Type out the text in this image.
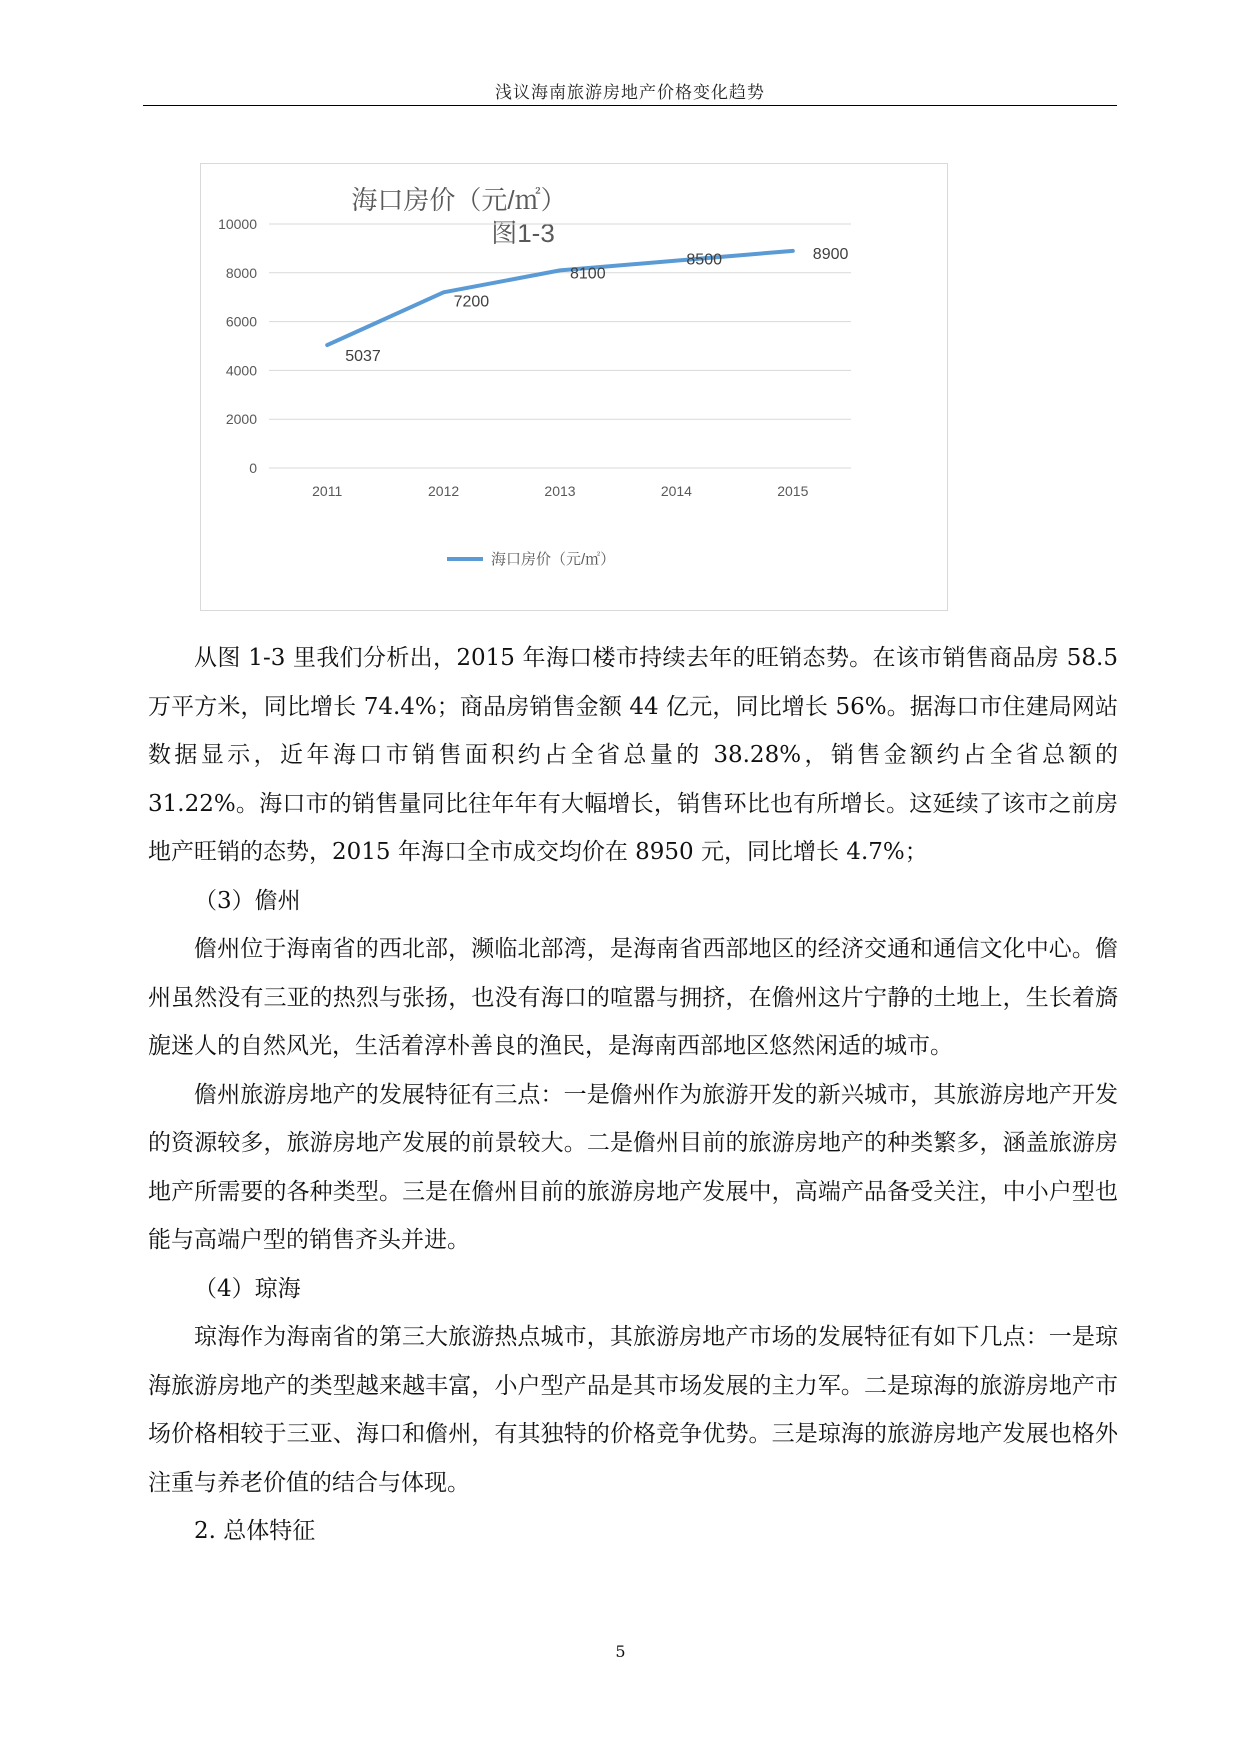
浅议海南旅游房地产价格变化趋势
海口房价（元/㎡）
图1-3
0
2000
4000
6000
8000
10000
2011	2012	2013	2014	2015
5037
7200
8100
8500	8900
海口房价（元/㎡）

从图 1-3 里我们分析出，2015 年海口楼市持续去年的旺销态势。在该市销售商品房 58.5 万平方米，同比增长 74.4%；商品房销售金额 44 亿元，同比增长 56%。据海口市住建局网站数据显示，近年海口市销售面积约占全省总量的 38.28%，销售金额约占全省总额的 31.22%。海口市的销售量同比往年年有大幅增长，销售环比也有所增长。这延续了该市之前房地产旺销的态势，2015 年海口全市成交均价在 8950 元，同比增长 4.7%；

（3）儋州

儋州位于海南省的西北部，濒临北部湾，是海南省西部地区的经济交通和通信文化中心。儋州虽然没有三亚的热烈与张扬，也没有海口的喧嚣与拥挤，在儋州这片宁静的土地上，生长着旖旎迷人的自然风光，生活着淳朴善良的渔民，是海南西部地区悠然闲适的城市。

儋州旅游房地产的发展特征有三点：一是儋州作为旅游开发的新兴城市，其旅游房地产开发的资源较多，旅游房地产发展的前景较大。二是儋州目前的旅游房地产的种类繁多，涵盖旅游房地产所需要的各种类型。三是在儋州目前的旅游房地产发展中，高端产品备受关注，中小户型也能与高端户型的销售齐头并进。

（4）琼海

琼海作为海南省的第三大旅游热点城市，其旅游房地产市场的发展特征有如下几点：一是琼海旅游房地产的类型越来越丰富，小户型产品是其市场发展的主力军。二是琼海的旅游房地产市场价格相较于三亚、海口和儋州，有其独特的价格竞争优势。三是琼海的旅游房地产发展也格外注重与养老价值的结合与体现。

2. 总体特征

5
